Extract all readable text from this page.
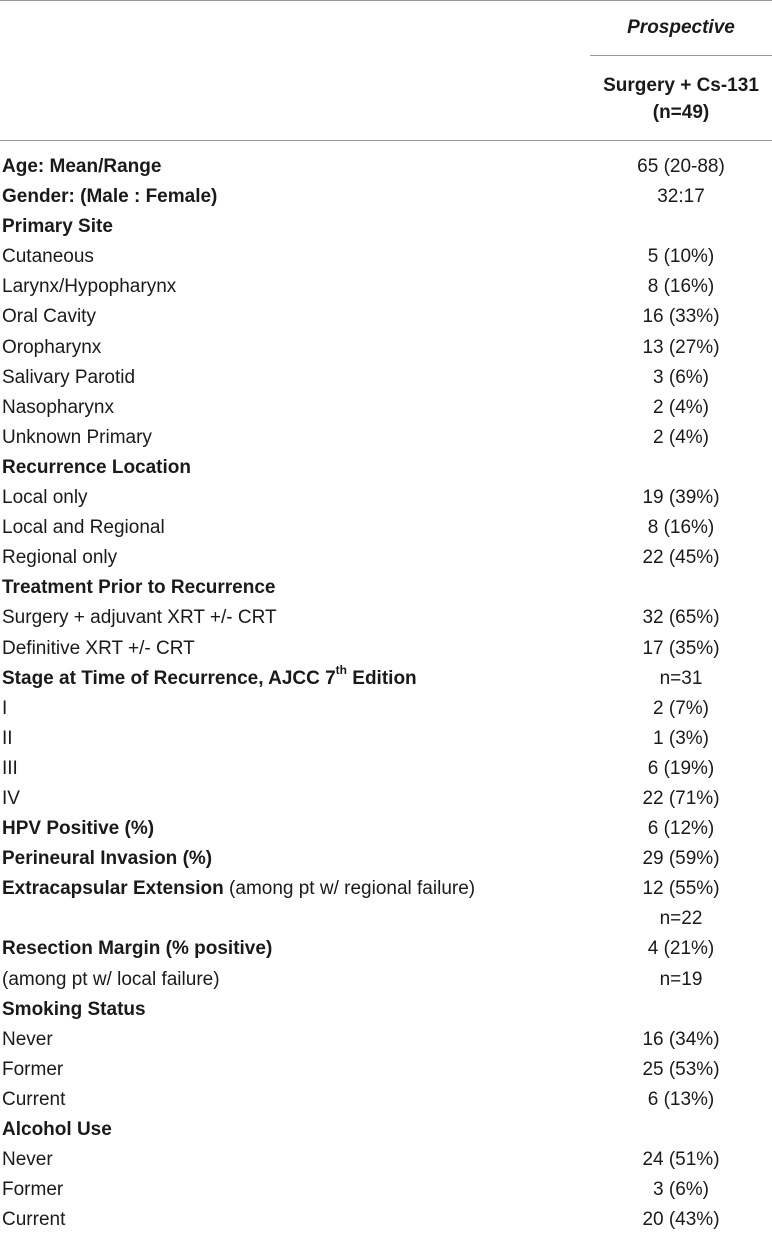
Prospective
Surgery + Cs-131
(n=49)
Age: Mean/Range	65 (20-88)
Gender: (Male : Female)	32:17
Primary Site
Cutaneous	5 (10%)
Larynx/Hypopharynx	8 (16%)
Oral Cavity	16 (33%)
Oropharynx	13 (27%)
Salivary Parotid	3 (6%)
Nasopharynx	2 (4%)
Unknown Primary	2 (4%)
Recurrence Location
Local only	19 (39%)
Local and Regional	8 (16%)
Regional only	22 (45%)
Treatment Prior to Recurrence
Surgery + adjuvant XRT +/- CRT	32 (65%)
Definitive XRT +/- CRT	17 (35%)
Stage at Time of Recurrence, AJCC 7th Edition	n=31
I	2 (7%)
II	1 (3%)
III	6 (19%)
IV	22 (71%)
HPV Positive (%)	6 (12%)
Perineural Invasion (%)	29 (59%)
Extracapsular Extension (among pt w/ regional failure)	12 (55%)
n=22
Resection Margin (% positive)	4 (21%)
(among pt w/ local failure)	n=19
Smoking Status
Never	16 (34%)
Former	25 (53%)
Current	6 (13%)
Alcohol Use
Never	24 (51%)
Former	3 (6%)
Current	20 (43%)
